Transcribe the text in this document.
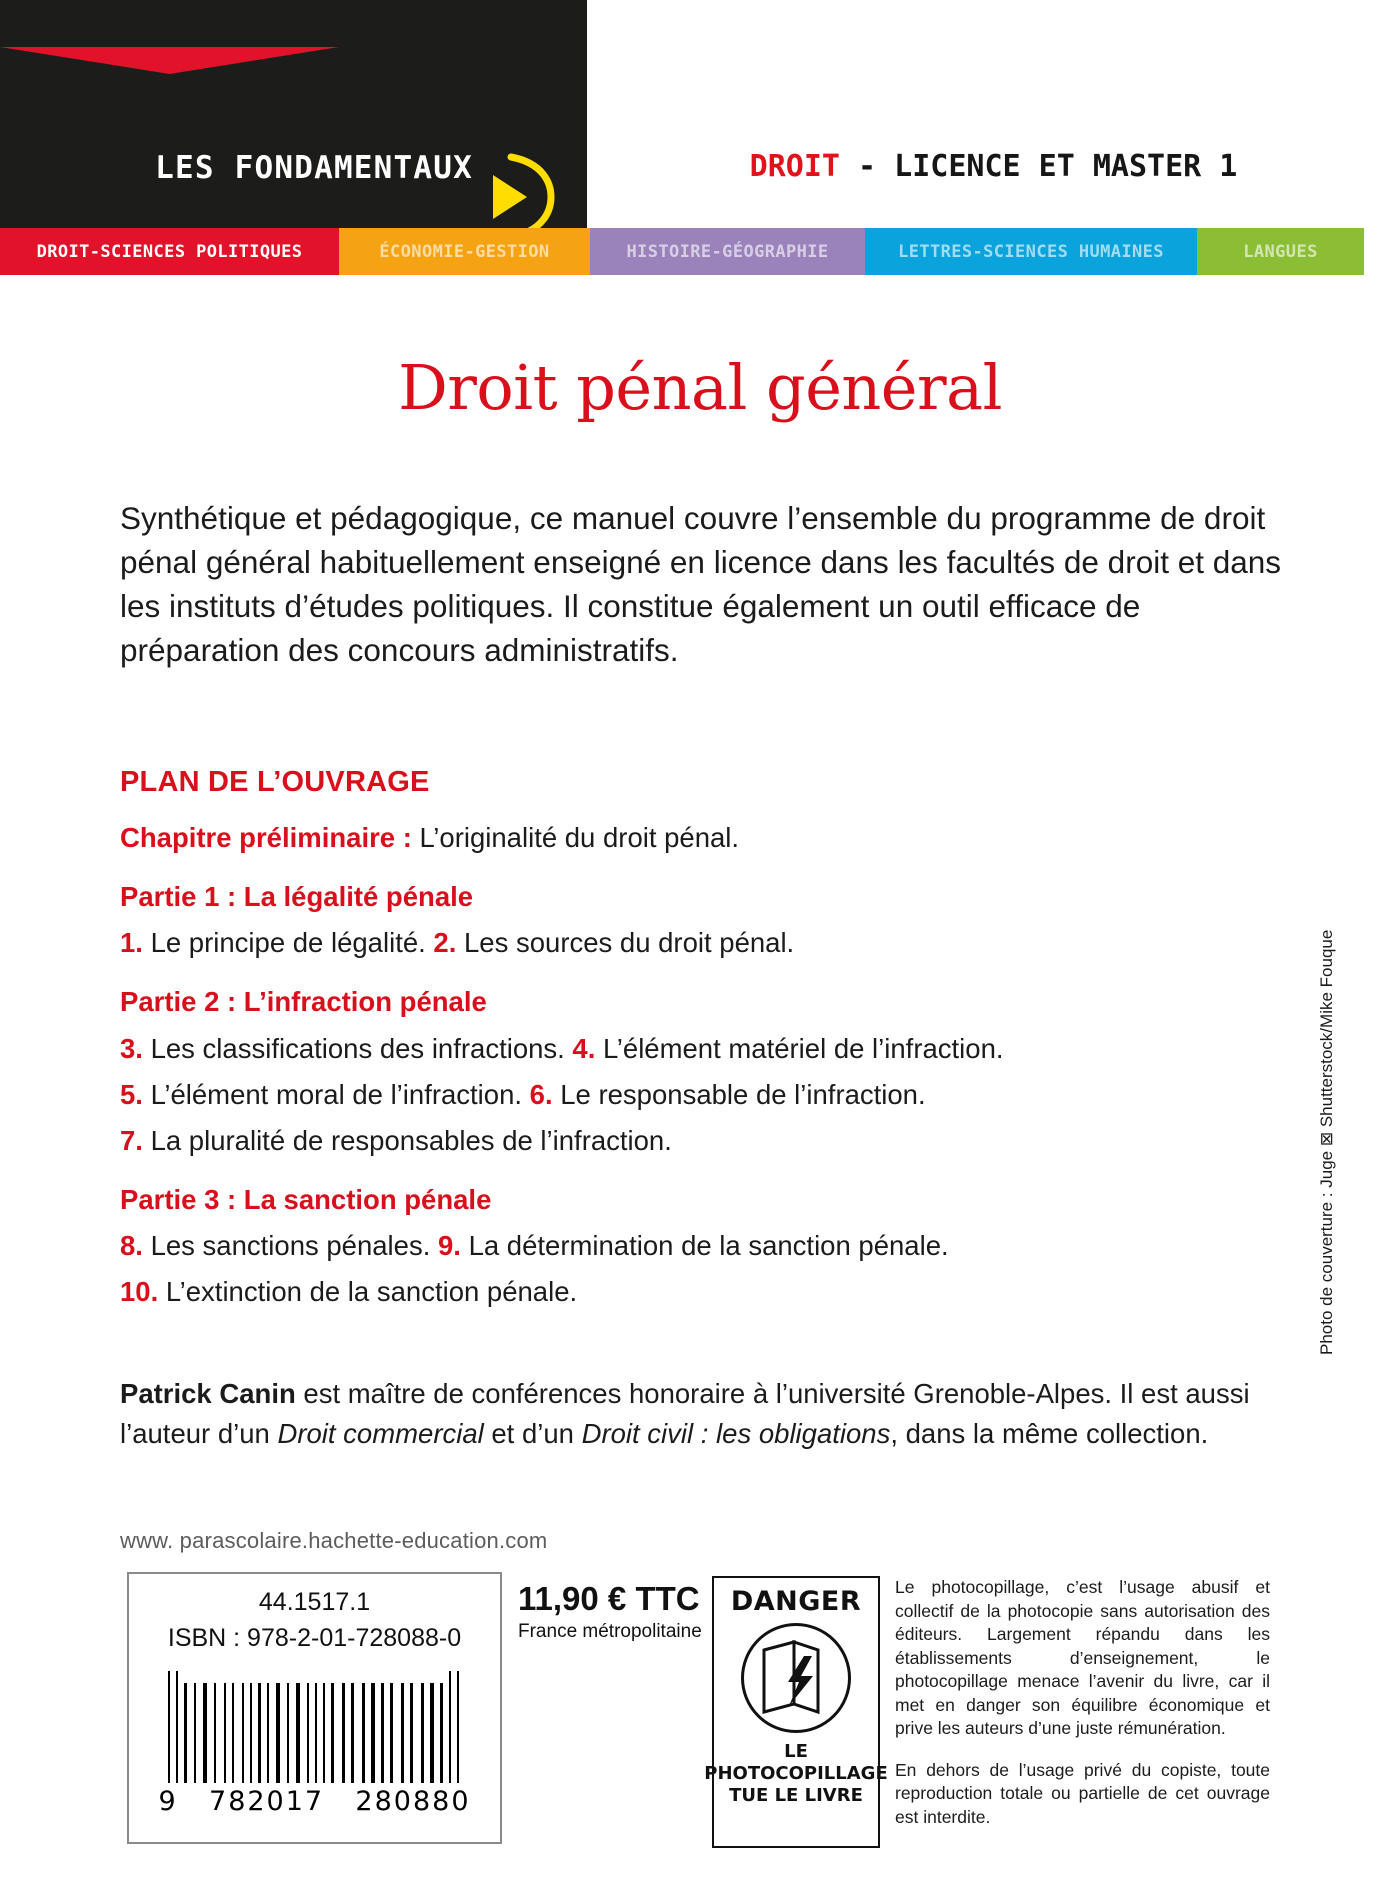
LES FONDAMENTAUX	DROIT - LICENCE ET MASTER 1
DROIT-SCIENCES POLITIQUES	ÉCONOMIE-GESTION	HISTOIRE-GÉOGRAPHIE	LETTRES-SCIENCES HUMAINES	LANGUES
Droit pénal général

Synthétique et pédagogique, ce manuel couvre l’ensemble du programme de droit pénal général habituellement enseigné en licence dans les facultés de droit et dans les instituts d’études politiques. Il constitue également un outil efficace de préparation des concours administratifs.

PLAN DE L’OUVRAGE
Chapitre préliminaire : L’originalité du droit pénal.
Partie 1 : La légalité pénale
1. Le principe de légalité. 2. Les sources du droit pénal.
Partie 2 : L’infraction pénale
3. Les classifications des infractions. 4. L’élément matériel de l’infraction.
5. L’élément moral de l’infraction. 6. Le responsable de l’infraction.
7. La pluralité de responsables de l’infraction.
Partie 3 : La sanction pénale
8. Les sanctions pénales. 9. La détermination de la sanction pénale.
10. L’extinction de la sanction pénale.

Patrick Canin est maître de conférences honoraire à l’université Grenoble-Alpes. Il est aussi l’auteur d’un Droit commercial et d’un Droit civil : les obligations, dans la même collection.

www. parascolaire.hachette-education.com
44.1517.1
ISBN : 978-2-01-728088-0
9 782017 280880
11,90 € TTC
France métropolitaine
DANGER
LE
PHOTOCOPILLAGE
TUE LE LIVRE

Le photocopillage, c’est l’usage abusif et collectif de la photocopie sans autorisation des éditeurs. Largement répandu dans les établissements d’enseignement, le photocopillage menace l’avenir du livre, car il met en danger son équilibre économique et prive les auteurs d’une juste rémunération.

En dehors de l’usage privé du copiste, toute reproduction totale ou partielle de cet ouvrage est interdite.

Photo de couverture : Juge ⊠ Shutterstock/Mike Fouque
